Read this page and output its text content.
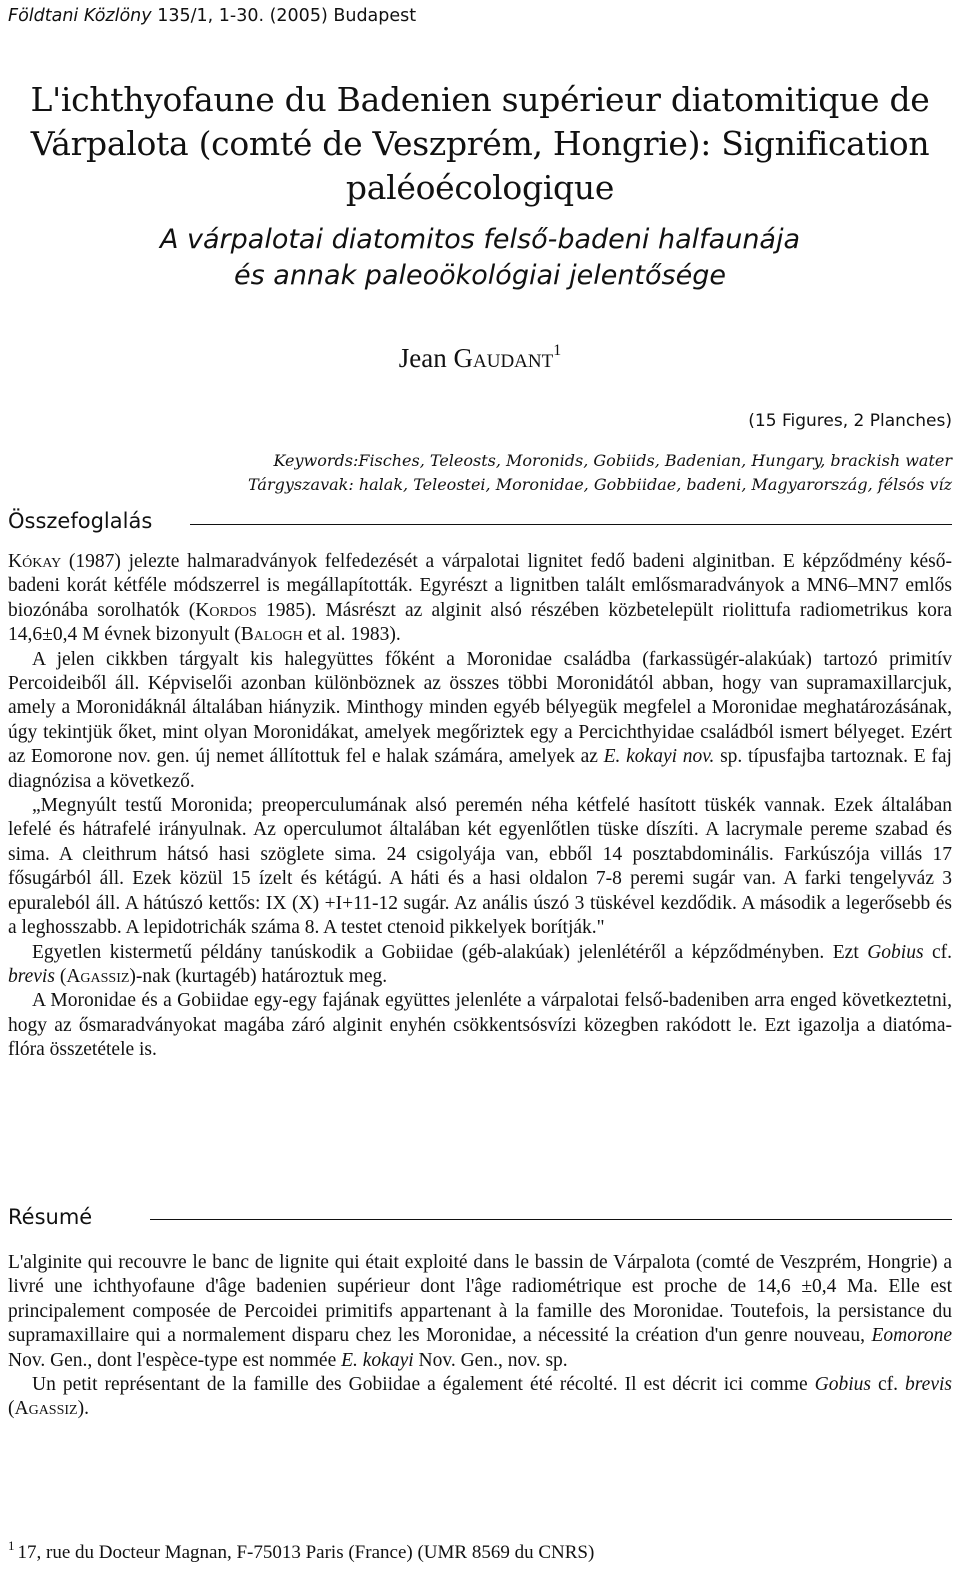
Földtani Közlöny 135/1, 1-30. (2005) Budapest
L'ichthyofaune du Badenien supérieur diatomitique de
Várpalota (comté de Veszprém, Hongrie): Signification
paléoécologique
A várpalotai diatomitos felső-badeni halfaunája
és annak paleoökológiai jelentősége
Jean Gaudant$^1$
(15 Figures, 2 Planches)
Keywords:Fisches, Teleosts, Moronids, Gobiids, Badenian, Hungary, brackish water
Tárgyszavak: halak, Teleostei, Moronidae, Gobbiidae, badeni, Magyarország, félsós víz
Összefoglalás

Kókay (1987) jelezte halmaradványok felfedezését a várpalotai lignitet fedő badeni alginitban. E képződmény késő-badeni korát kétféle módszerrel is megállapították. Egyrészt a lignitben talált emlősmaradványok a MN6–MN7 emlős biozónába sorolhatók (Kordos 1985). Másrészt az alginit alsó részében közbetelepült riolittufa radiometrikus kora 14,6±0,4 M évnek bizonyult (Balogh et al. 1983).

A jelen cikkben tárgyalt kis halegyüttes főként a Moronidae családba (farkassügér-alakúak) tartozó primitív Percoideiből áll. Képviselői azonban különböznek az összes többi Moronidától abban, hogy van supramaxillarcjuk, amely a Moronidáknál általában hiányzik. Minthogy minden egyéb bélyegük megfelel a Moronidae meghatározásának, úgy tekintjük őket, mint olyan Moronidákat, amelyek megőriztek egy a Percichthyidae családból ismert bélyeget. Ezért az Eomorone nov. gen. új nemet állítottuk fel e halak számára, amelyek az E. kokayi nov. sp. típusfajba tartoznak. E faj diagnózisa a következő.

„Megnyúlt testű Moronida; preoperculumának alsó peremén néha kétfelé hasított tüskék vannak. Ezek általában lefelé és hátrafelé irányulnak. Az operculumot általában két egyenlőtlen tüske díszíti. A lacrymale pereme szabad és sima. A cleithrum hátsó hasi szöglete sima. 24 csigolyája van, ebből 14 posztabdominális. Farkúszója villás 17 fősugárból áll. Ezek közül 15 ízelt és kétágú. A háti és a hasi oldalon 7-8 peremi sugár van. A farki tengelyváz 3 epuraleból áll. A hátúszó kettős: IX (X) +I+11-12 sugár. Az anális úszó 3 tüskével kezdődik. A második a legerősebb és a leghosszabb. A lepidotrichák száma 8. A testet ctenoid pikkelyek borítják."

Egyetlen kistermetű példány tanúskodik a Gobiidae (géb-alakúak) jelenlétéről a képződményben. Ezt Gobius cf. brevis (Agassiz)-nak (kurtagéb) határoztuk meg.

A Moronidae és a Gobiidae egy-egy fajának együttes jelenléte a várpalotai felső-badeniben arra enged következtetni, hogy az ősmaradványokat magába záró alginit enyhén csökkentsósvízi közegben rakódott le. Ezt igazolja a diatóma-flóra összetétele is.

Résumé

L'alginite qui recouvre le banc de lignite qui était exploité dans le bassin de Várpalota (comté de Veszprém, Hongrie) a livré une ichthyofaune d'âge badenien supérieur dont l'âge radiométrique est proche de 14,6 ±0,4 Ma. Elle est principalement composée de Percoidei primitifs appartenant à la famille des Moronidae. Toutefois, la persistance du supramaxillaire qui a normalement disparu chez les Moronidae, a nécessité la création d'un genre nouveau, Eomorone Nov. Gen., dont l'espèce-type est nommée E. kokayi Nov. Gen., nov. sp.

Un petit représentant de la famille des Gobiidae a également été récolté. Il est décrit ici comme Gobius cf. brevis (Agassiz).

$^1$ 17, rue du Docteur Magnan, F-75013 Paris (France) (UMR 8569 du CNRS)
